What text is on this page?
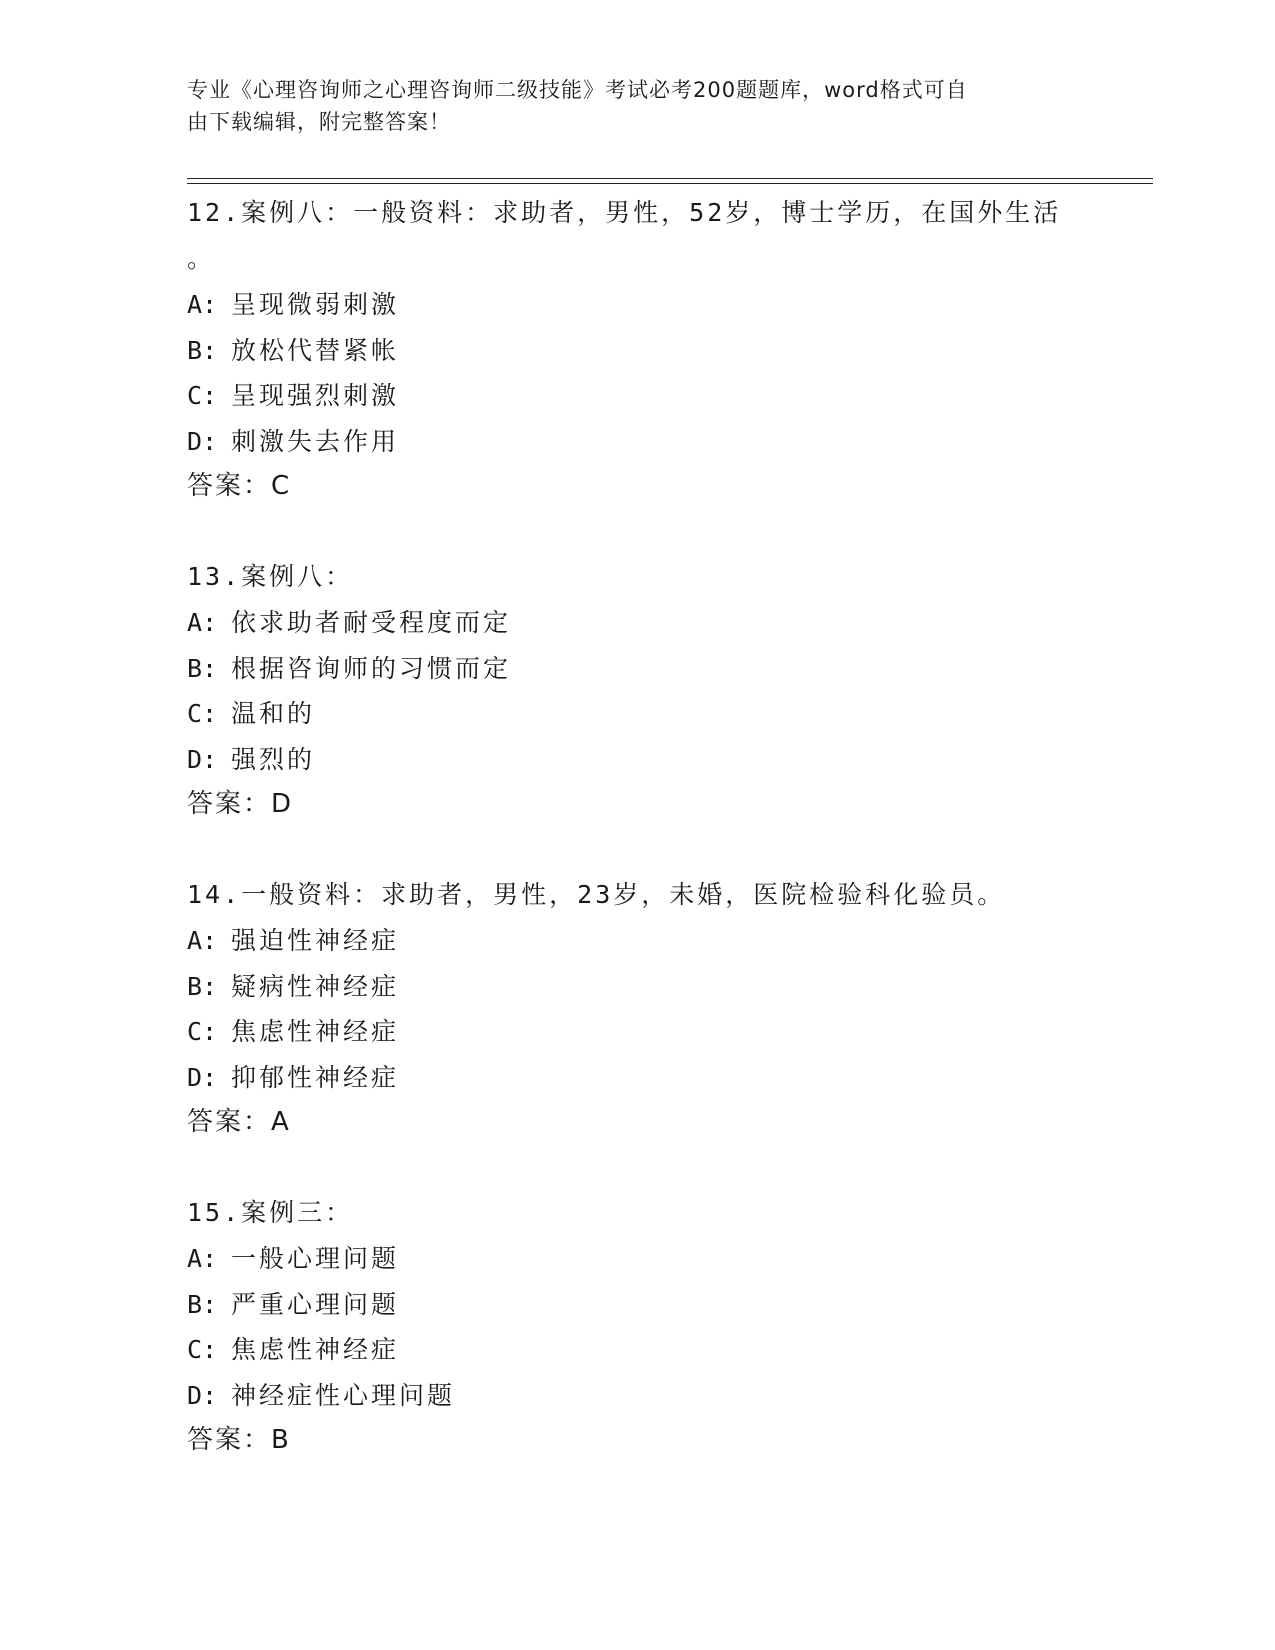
专业《心理咨询师之心理咨询师二级技能》考试必考200题题库，word格式可自
由下载编辑，附完整答案！
12.案例八：一般资料：求助者，男性，52岁，博士学历，在国外生活
。
A: 呈现微弱刺激
B: 放松代替紧帐
C: 呈现强烈刺激
D: 刺激失去作用
答案：C
13.案例八：
A: 依求助者耐受程度而定
B: 根据咨询师的习惯而定
C: 温和的
D: 强烈的
答案：D
14.一般资料：求助者，男性，23岁，未婚，医院检验科化验员。
A: 强迫性神经症
B: 疑病性神经症
C: 焦虑性神经症
D: 抑郁性神经症
答案：A
15.案例三：
A: 一般心理问题
B: 严重心理问题
C: 焦虑性神经症
D: 神经症性心理问题
答案：B
